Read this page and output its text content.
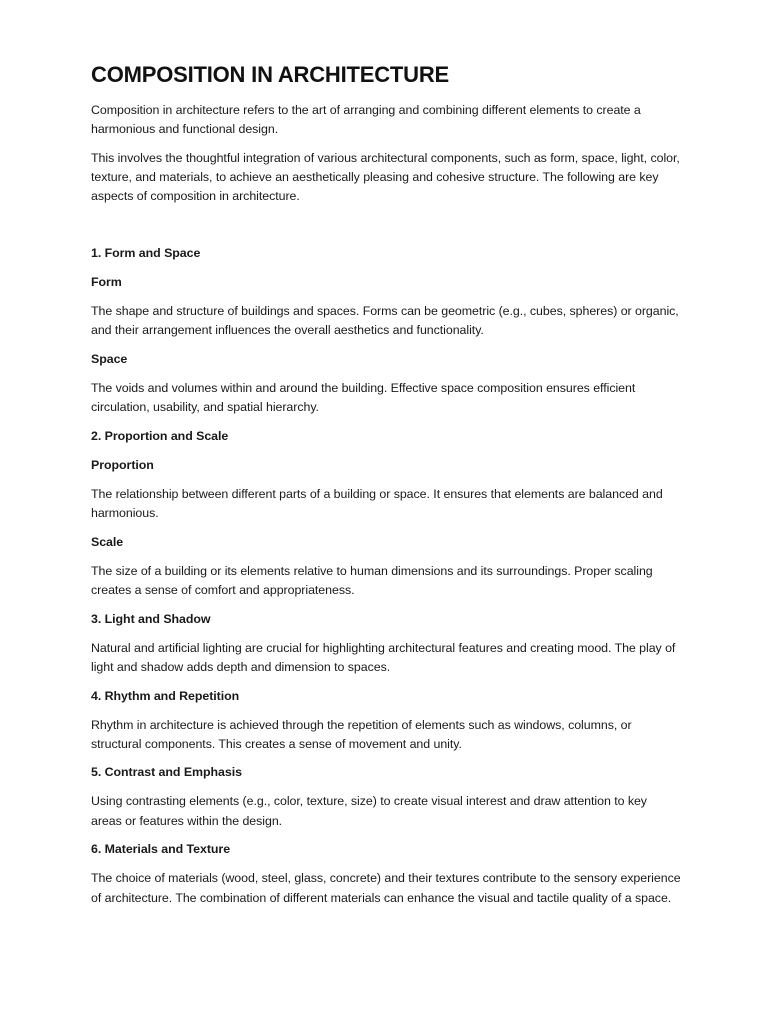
COMPOSITION IN ARCHITECTURE

Composition in architecture refers to the art of arranging and combining different elements to create a harmonious and functional design.

This involves the thoughtful integration of various architectural components, such as form, space, light, color, texture, and materials, to achieve an aesthetically pleasing and cohesive structure. The following are key aspects of composition in architecture.

1. Form and Space
Form

The shape and structure of buildings and spaces. Forms can be geometric (e.g., cubes, spheres) or organic, and their arrangement influences the overall aesthetics and functionality.

Space

The voids and volumes within and around the building. Effective space composition ensures efficient circulation, usability, and spatial hierarchy.

2. Proportion and Scale
Proportion

The relationship between different parts of a building or space. It ensures that elements are balanced and harmonious.

Scale

The size of a building or its elements relative to human dimensions and its surroundings. Proper scaling creates a sense of comfort and appropriateness.

3. Light and Shadow

Natural and artificial lighting are crucial for highlighting architectural features and creating mood. The play of light and shadow adds depth and dimension to spaces.

4. Rhythm and Repetition

Rhythm in architecture is achieved through the repetition of elements such as windows, columns, or structural components. This creates a sense of movement and unity.

5. Contrast and Emphasis

Using contrasting elements (e.g., color, texture, size) to create visual interest and draw attention to key areas or features within the design.

6. Materials and Texture

The choice of materials (wood, steel, glass, concrete) and their textures contribute to the sensory experience of architecture. The combination of different materials can enhance the visual and tactile quality of a space.
